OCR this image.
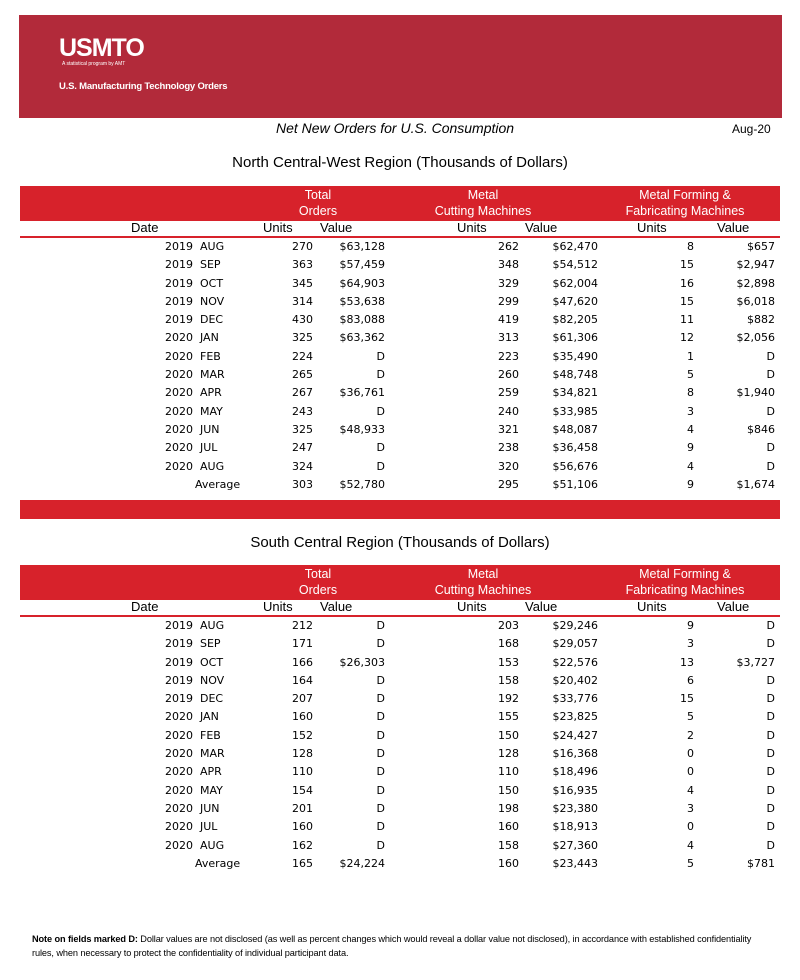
USMTO
A statistical program by AMT
U.S. Manufacturing Technology Orders
Net New Orders for U.S. Consumption	Aug-20
North Central-West Region (Thousands of Dollars)
Total
Orders
Metal
Cutting Machines
Metal Forming &
Fabricating Machines
Date	Units Value	Units	Value	Units	Value
2019  AUG	270 $63,128	262	$62,470	8	$657
2019  SEP	363 $57,459	348	$54,512	15	$2,947
2019  OCT	345 $64,903	329	$62,004	16	$2,898
2019  NOV	314 $53,638	299	$47,620	15	$6,018
2019  DEC	430 $83,088	419	$82,205	11	$882
2020  JAN	325 $63,362	313	$61,306	12	$2,056
2020  FEB	224	D	223	$35,490	1	D
2020  MAR	265	D	260	$48,748	5	D
2020  APR	267 $36,761	259	$34,821	8	$1,940
2020  MAY	243	D	240	$33,985	3	D
2020  JUN	325 $48,933	321	$48,087	4	$846
2020  JUL	247	D	238	$36,458	9	D
2020  AUG	324	D	320	$56,676	4	D
Average	303 $52,780	295	$51,106	9	$1,674
South Central Region (Thousands of Dollars)
Total
Orders
Metal
Cutting Machines
Metal Forming &
Fabricating Machines
Date	Units Value	Units	Value	Units	Value
2019  AUG	212	D	203	$29,246	9	D
2019  SEP	171	D	168	$29,057	3	D
2019  OCT	166 $26,303	153	$22,576	13	$3,727
2019  NOV	164	D	158	$20,402	6	D
2019  DEC	207	D	192	$33,776	15	D
2020  JAN	160	D	155	$23,825	5	D
2020  FEB	152	D	150	$24,427	2	D
2020  MAR	128	D	128	$16,368	0	D
2020  APR	110	D	110	$18,496	0	D
2020  MAY	154	D	150	$16,935	4	D
2020  JUN	201	D	198	$23,380	3	D
2020  JUL	160	D	160	$18,913	0	D
2020  AUG	162	D	158	$27,360	4	D
Average	165 $24,224	160	$23,443	5	$781
Note on fields marked D: Dollar values are not disclosed (as well as percent changes which would reveal a dollar value not disclosed), in accordance with established confidentiality rules, when necessary to protect the confidentiality of individual participant data.
